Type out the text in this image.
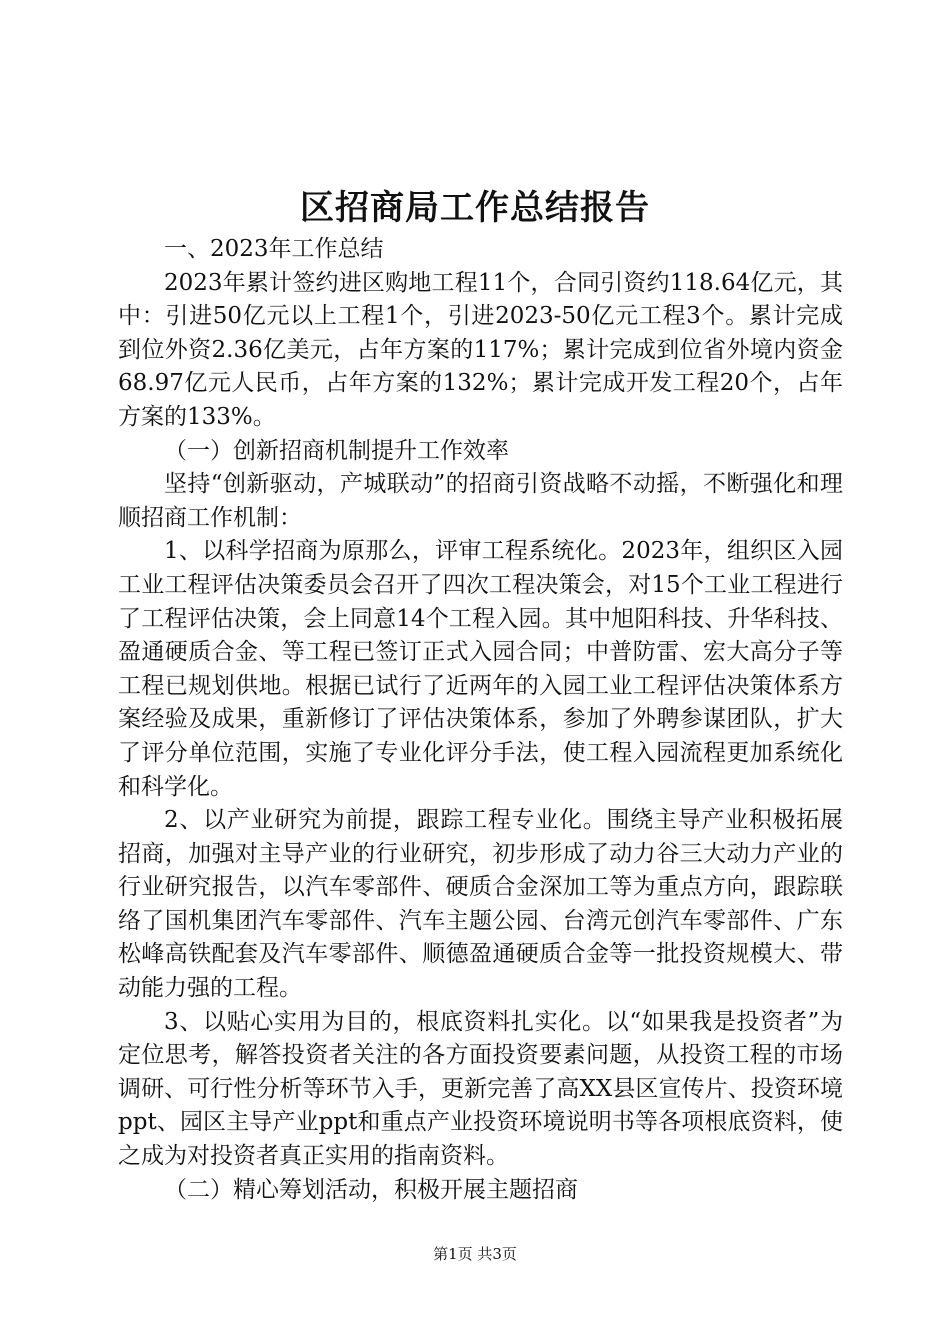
区招商局工作总结报告

一、2023年工作总结

2023年累计签约进区购地工程11个，合同引资约118.64亿元，其中：引进50亿元以上工程1个，引进2023-50亿元工程3个。累计完成到位外资2.36亿美元，占年方案的117%；累计完成到位省外境内资金68.97亿元人民币，占年方案的132%；累计完成开发工程20个，占年方案的133%。

（一）创新招商机制提升工作效率

坚持“创新驱动，产城联动”的招商引资战略不动摇，不断强化和理顺招商工作机制：

1、以科学招商为原那么，评审工程系统化。2023年，组织区入园工业工程评估决策委员会召开了四次工程决策会，对15个工业工程进行了工程评估决策，会上同意14个工程入园。其中旭阳科技、升华科技、盈通硬质合金、等工程已签订正式入园合同；中普防雷、宏大高分子等工程已规划供地。根据已试行了近两年的入园工业工程评估决策体系方案经验及成果，重新修订了评估决策体系，参加了外聘参谋团队，扩大了评分单位范围，实施了专业化评分手法，使工程入园流程更加系统化和科学化。

2、以产业研究为前提，跟踪工程专业化。围绕主导产业积极拓展招商，加强对主导产业的行业研究，初步形成了动力谷三大动力产业的行业研究报告，以汽车零部件、硬质合金深加工等为重点方向，跟踪联络了国机集团汽车零部件、汽车主题公园、台湾元创汽车零部件、广东松峰高铁配套及汽车零部件、顺德盈通硬质合金等一批投资规模大、带动能力强的工程。

3、以贴心实用为目的，根底资料扎实化。以“如果我是投资者”为定位思考，解答投资者关注的各方面投资要素问题，从投资工程的市场调研、可行性分析等环节入手，更新完善了高XX县区宣传片、投资环境ppt、园区主导产业ppt和重点产业投资环境说明书等各项根底资料，使之成为对投资者真正实用的指南资料。

（二）精心筹划活动，积极开展主题招商

第1页 共3页
